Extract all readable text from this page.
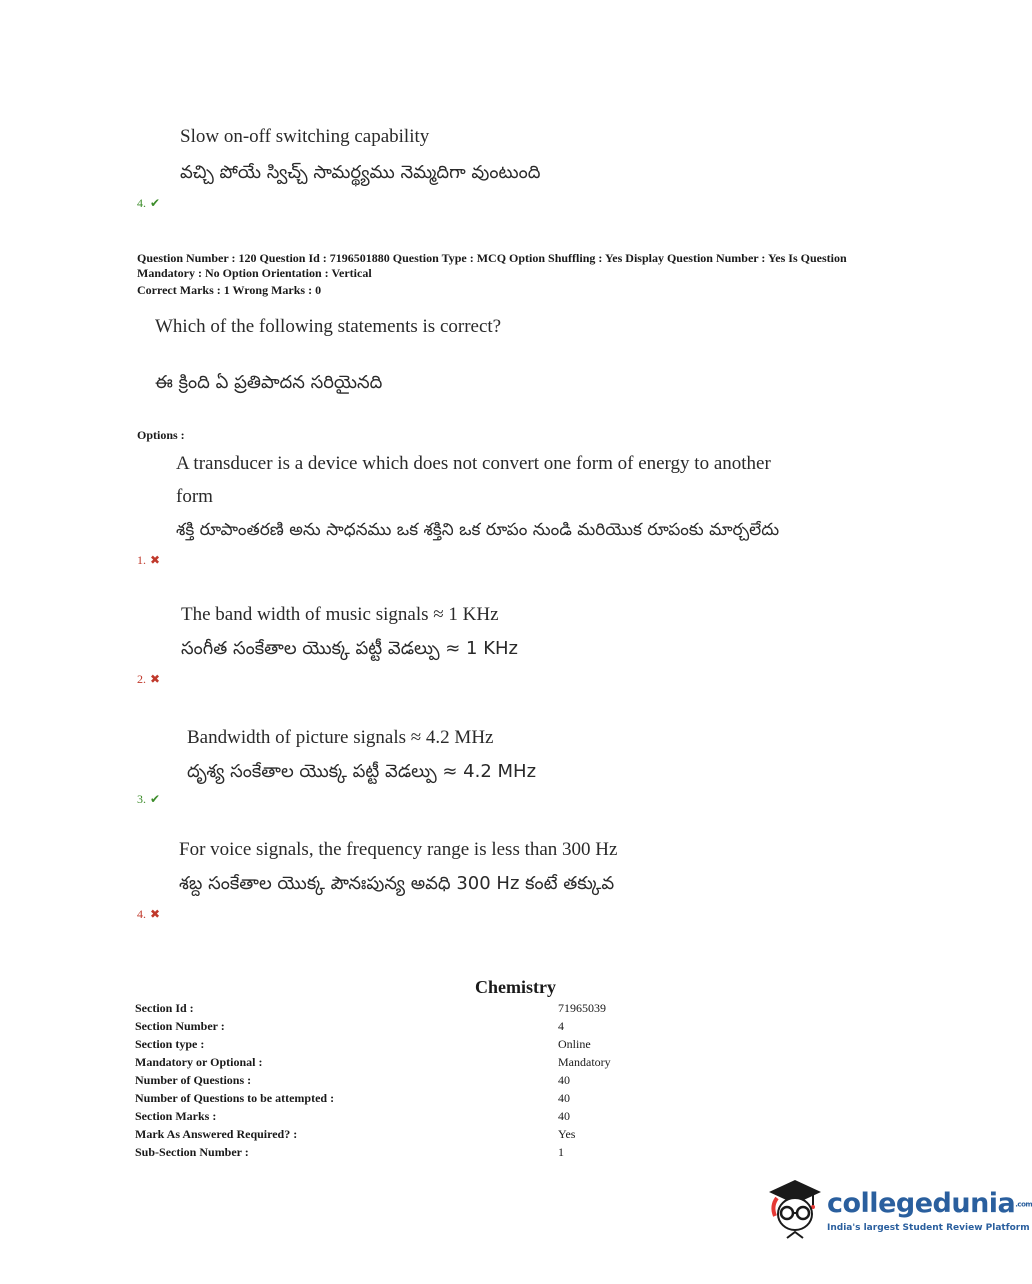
Slow on-off switching capability
వచ్చి పోయే స్విచ్చ్ సామర్థ్యము నెమ్మదిగా వుంటుంది
4. ✔
Question Number : 120 Question Id : 7196501880 Question Type : MCQ Option Shuffling : Yes Display Question Number : Yes Is Question Mandatory : No Option Orientation : Vertical
Correct Marks : 1 Wrong Marks : 0
Which of the following statements is correct?
ఈ క్రింది ఏ ప్రతిపాదన సరియైనది
Options :
A transducer is a device which does not convert one form of energy to another
form
శక్తి రూపాంతరణి అను సాధనము ఒక శక్తిని ఒక రూపం నుండి మరియొక రూపంకు మార్చలేదు
1. ✖
The band width of music signals ≈ 1 KHz
సంగీత సంకేతాల యొక్క పట్టీ వెడల్పు ≈ 1 KHz
2. ✖
Bandwidth of picture signals ≈ 4.2 MHz
దృశ్య సంకేతాల యొక్క పట్టీ వెడల్పు ≈ 4.2 MHz
3. ✔
For voice signals, the frequency range is less than 300 Hz
శబ్ద సంకేతాల యొక్క పౌనఃపున్య అవధి 300 Hz కంటే తక్కువ
4. ✖
Chemistry
Section Id :	71965039
Section Number :	4
Section type :	Online
Mandatory or Optional :	Mandatory
Number of Questions :	40
Number of Questions to be attempted :	40
Section Marks :	40
Mark As Answered Required? :	Yes
Sub-Section Number :	1
collegedunia.com
India's largest Student Review Platform
